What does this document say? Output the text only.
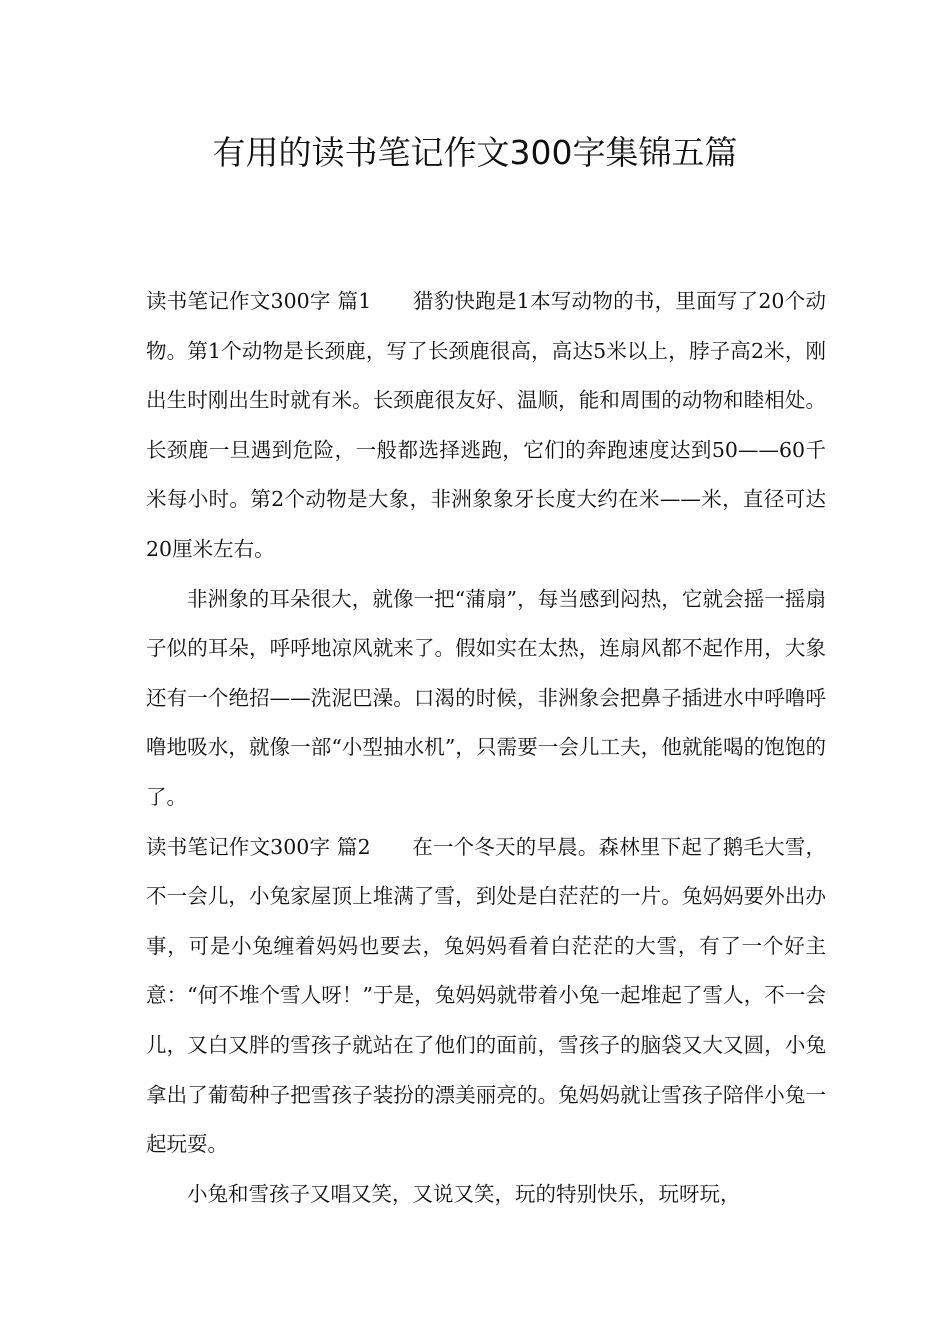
有用的读书笔记作文300字集锦五篇

读书笔记作文300字 篇1　　猎豹快跑是1本写动物的书，里面写了20个动物。第1个动物是长颈鹿，写了长颈鹿很高，高达5米以上，脖子高2米，刚出生时刚出生时就有米。长颈鹿很友好、温顺，能和周围的动物和睦相处。长颈鹿一旦遇到危险，一般都选择逃跑，它们的奔跑速度达到50——60千米每小时。第2个动物是大象，非洲象象牙长度大约在米——米，直径可达20厘米左右。

非洲象的耳朵很大，就像一把“蒲扇”，每当感到闷热，它就会摇一摇扇子似的耳朵，呼呼地凉风就来了。假如实在太热，连扇风都不起作用，大象还有一个绝招——洗泥巴澡。口渴的时候，非洲象会把鼻子插进水中呼噜呼噜地吸水，就像一部“小型抽水机”，只需要一会儿工夫，他就能喝的饱饱的了。

读书笔记作文300字 篇2　　在一个冬天的早晨。森林里下起了鹅毛大雪，不一会儿，小兔家屋顶上堆满了雪，到处是白茫茫的一片。兔妈妈要外出办事，可是小兔缠着妈妈也要去，兔妈妈看着白茫茫的大雪，有了一个好主意：“何不堆个雪人呀！”于是，兔妈妈就带着小兔一起堆起了雪人，不一会儿，又白又胖的雪孩子就站在了他们的面前，雪孩子的脑袋又大又圆，小兔拿出了葡萄种子把雪孩子装扮的漂美丽亮的。兔妈妈就让雪孩子陪伴小兔一起玩耍。

小兔和雪孩子又唱又笑，又说又笑，玩的特别快乐，玩呀玩，
